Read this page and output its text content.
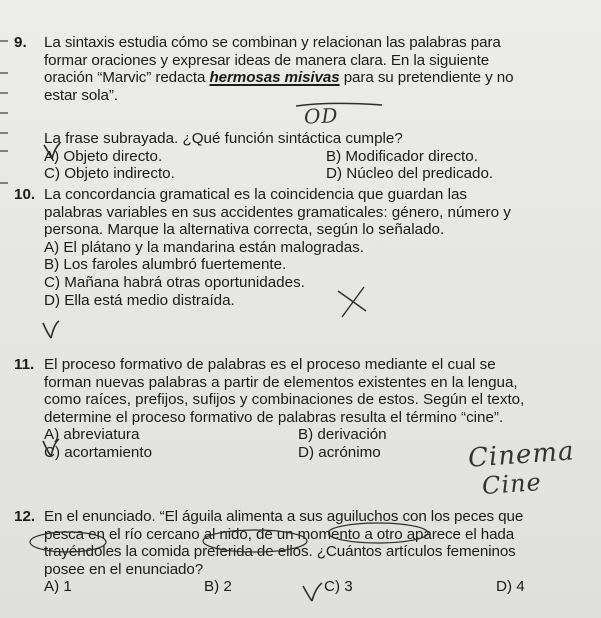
9. La sintaxis estudia cómo se combinan y relacionan las palabras para
formar oraciones y expresar ideas de manera clara. En la siguiente
oración “Marvic” redacta hermosas misivas para su pretendiente y no
estar sola”.
La frase subrayada. ¿Qué función sintáctica cumple?
A) Objeto directo.	B) Modificador directo.
C) Objeto indirecto.	D) Núcleo del predicado.
OD
10. La concordancia gramatical es la coincidencia que guardan las
palabras variables en sus accidentes gramaticales: género, número y
persona. Marque la alternativa correcta, según lo señalado.
A) El plátano y la mandarina están malogradas.
B) Los faroles alumbró fuertemente.
C) Mañana habrá otras oportunidades.
D) Ella está medio distraída.
11. El proceso formativo de palabras es el proceso mediante el cual se
forman nuevas palabras a partir de elementos existentes en la lengua,
como raíces, prefijos, sufijos y combinaciones de estos. Según el texto,
determine el proceso formativo de palabras resulta el término “cine”.
A) abreviatura	B) derivación
C) acortamiento	D) acrónimo	Cinema
Cine
12. En el enunciado. “El águila alimenta a sus aguiluchos con los peces que
pesca en el río cercano al nido, de un momento a otro aparece el hada
trayéndoles la comida preferida de ellos. ¿Cuántos artículos femeninos
posee en el enunciado?
A) 1	B) 2	C) 3	D) 4
